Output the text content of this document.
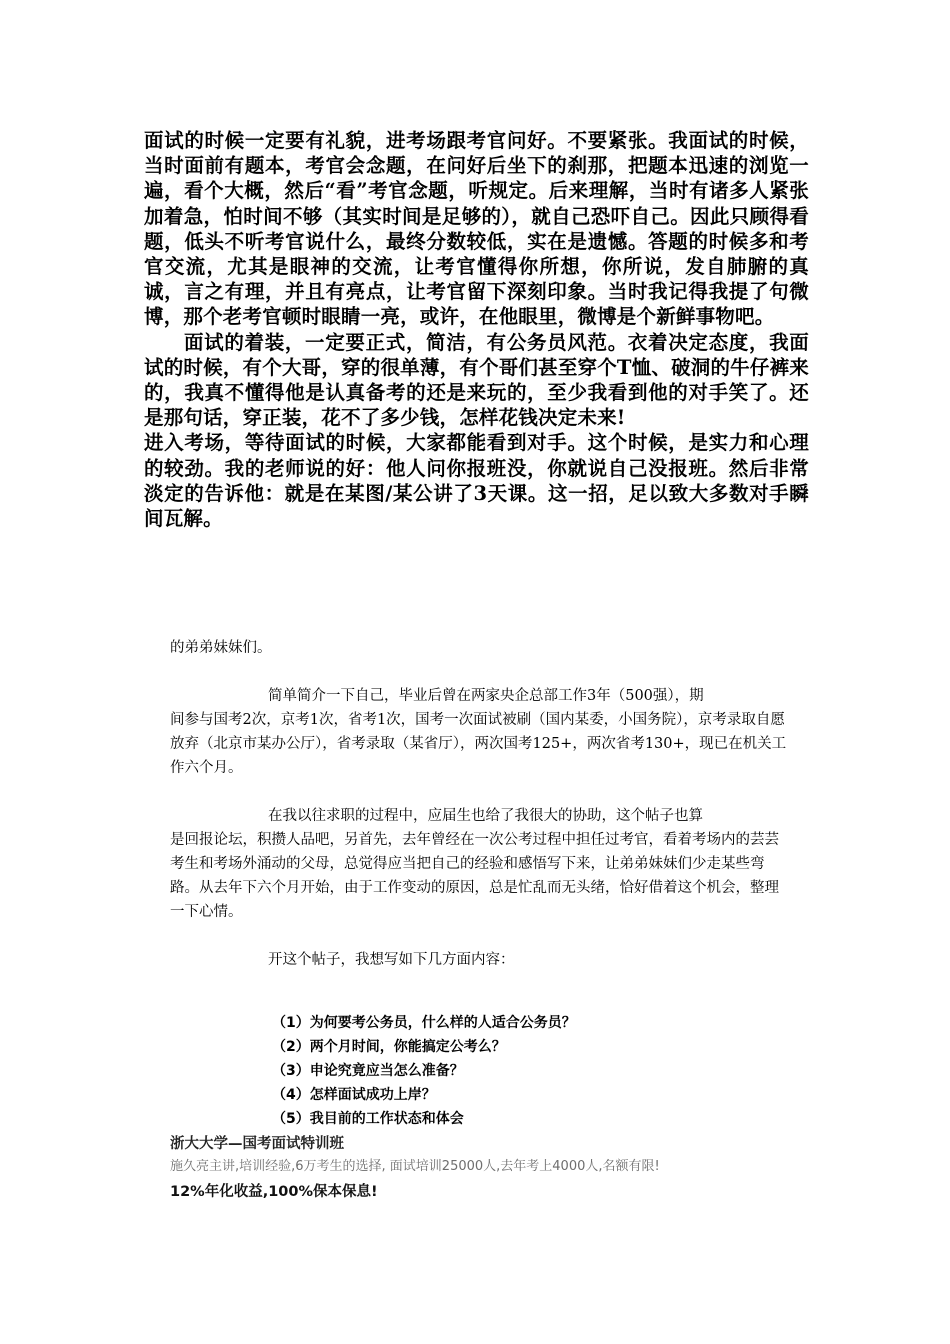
面试的时候一定要有礼貌，进考场跟考官问好。不要紧张。我面试的时候，当时面前有题本，考官会念题，在问好后坐下的刹那，把题本迅速的浏览一遍，看个大概，然后“看”考官念题，听规定。后来理解，当时有诸多人紧张加着急，怕时间不够（其实时间是足够的），就自己恐吓自己。因此只顾得看题，低头不听考官说什么，最终分数较低，实在是遗憾。答题的时候多和考官交流，尤其是眼神的交流，让考官懂得你所想，你所说，发自肺腑的真诚，言之有理，并且有亮点，让考官留下深刻印象。当时我记得我提了句微博，那个老考官顿时眼睛一亮，或许，在他眼里，微博是个新鲜事物吧。

面试的着装，一定要正式，简洁，有公务员风范。衣着决定态度，我面试的时候，有个大哥，穿的很单薄，有个哥们甚至穿个T恤、破洞的牛仔裤来的，我真不懂得他是认真备考的还是来玩的，至少我看到他的对手笑了。还是那句话，穿正装，花不了多少钱，怎样花钱决定未来!

进入考场，等待面试的时候，大家都能看到对手。这个时候，是实力和心理的较劲。我的老师说的好：他人问你报班没，你就说自己没报班。然后非常淡定的告诉他：就是在某图/某公讲了3天课。这一招，足以致大多数对手瞬间瓦解。

的弟弟妹妹们。

简单简介一下自己，毕业后曾在两家央企总部工作3年（500强），期

间参与国考2次，京考1次，省考1次，国考一次面试被刷（国内某委，小国务院），京考录取自愿放弃（北京市某办公厅），省考录取（某省厅），两次国考125+，两次省考130+，现已在机关工作六个月。

在我以往求职的过程中，应届生也给了我很大的协助，这个帖子也算

是回报论坛，积攒人品吧，另首先，去年曾经在一次公考过程中担任过考官，看着考场内的芸芸考生和考场外涌动的父母，总觉得应当把自己的经验和感悟写下来，让弟弟妹妹们少走某些弯路。从去年下六个月开始，由于工作变动的原因，总是忙乱而无头绪，恰好借着这个机会，整理一下心情。

开这个帖子，我想写如下几方面内容：

（1）为何要考公务员，什么样的人适合公务员？
（2）两个月时间，你能搞定公考么？
（3）申论究竟应当怎么准备？
（4）怎样面试成功上岸？
（5）我目前的工作状态和体会
浙大大学—国考面试特训班
施久亮主讲,培训经验,6万考生的选择, 面试培训25000人,去年考上4000人,名额有限!
12%年化收益,100%保本保息!
